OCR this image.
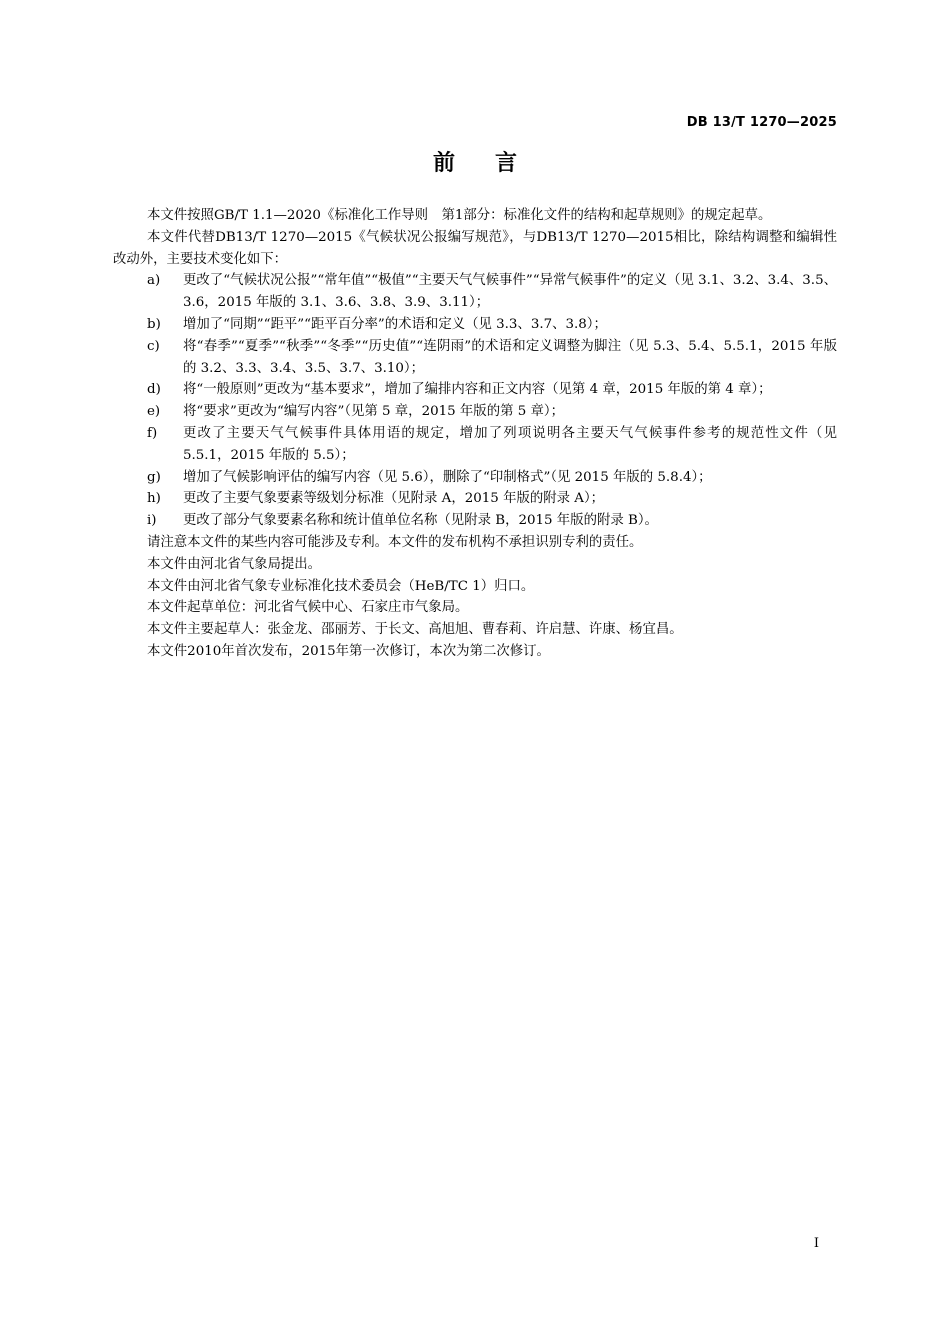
DB 13/T 1270—2025
前言

本文件按照GB/T 1.1—2020《标准化工作导则　第1部分：标准化文件的结构和起草规则》的规定起草。

本文件代替DB13/T 1270—2015《气候状况公报编写规范》，与DB13/T 1270—2015相比，除结构调整和编辑性改动外，主要技术变化如下：

a) 更改了“气候状况公报”“常年值”“极值”“主要天气气候事件”“异常气候事件”的定义（见 3.1、3.2、3.4、3.5、3.6，2015 年版的 3.1、3.6、3.8、3.9、3.11）；
b) 增加了“同期”“距平”“距平百分率”的术语和定义（见 3.3、3.7、3.8）；
c) 将“春季”“夏季”“秋季”“冬季”“历史值”“连阴雨”的术语和定义调整为脚注（见 5.3、5.4、5.5.1，2015 年版的 3.2、3.3、3.4、3.5、3.7、3.10）；
d) 将“一般原则”更改为“基本要求”，增加了编排内容和正文内容（见第 4 章，2015 年版的第 4 章）；
e) 将“要求”更改为“编写内容”（见第 5 章，2015 年版的第 5 章）；
f) 更改了主要天气气候事件具体用语的规定，增加了列项说明各主要天气气候事件参考的规范性文件（见 5.5.1，2015 年版的 5.5）；
g) 增加了气候影响评估的编写内容（见 5.6），删除了“印制格式”（见 2015 年版的 5.8.4）；
h) 更改了主要气象要素等级划分标准（见附录 A，2015 年版的附录 A）；
i) 更改了部分气象要素名称和统计值单位名称（见附录 B，2015 年版的附录 B）。

请注意本文件的某些内容可能涉及专利。本文件的发布机构不承担识别专利的责任。

本文件由河北省气象局提出。

本文件由河北省气象专业标准化技术委员会（HeB/TC 1）归口。

本文件起草单位：河北省气候中心、石家庄市气象局。

本文件主要起草人：张金龙、邵丽芳、于长文、高旭旭、曹春莉、许启慧、许康、杨宜昌。

本文件2010年首次发布，2015年第一次修订，本次为第二次修订。

I
